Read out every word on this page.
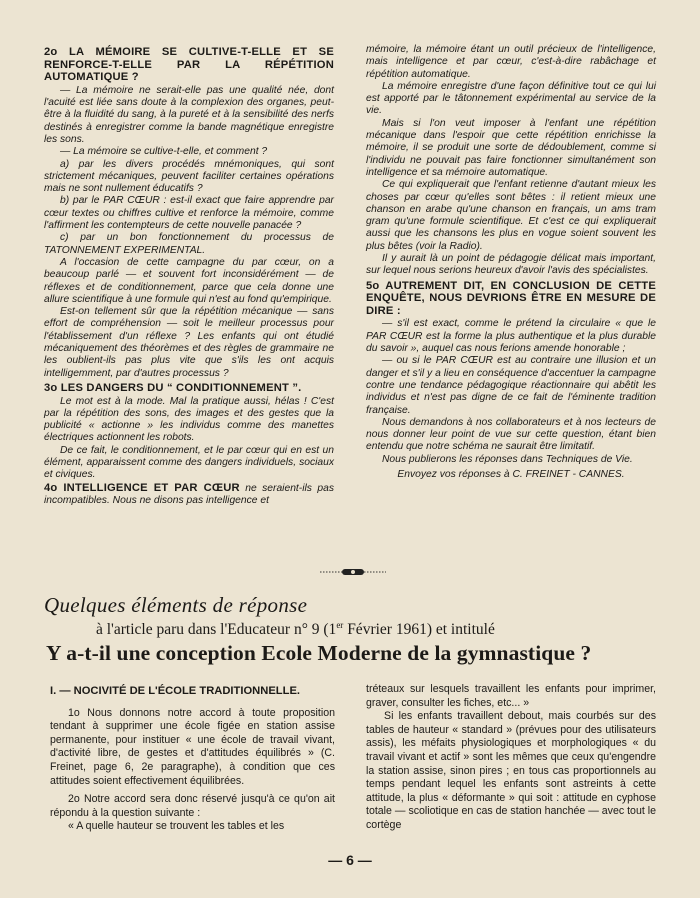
2o LA MÉMOIRE SE CULTIVE-T-ELLE ET SE RENFORCE-T-ELLE PAR LA RÉPÉTITION AUTOMATIQUE ?

— La mémoire ne serait-elle pas une qualité née, dont l'acuité est liée sans doute à la complexion des organes, peut-être à la fluidité du sang, à la pureté et à la sensibilité des nerfs destinés à enregistrer comme la bande magnétique enregistre les sons.

— La mémoire se cultive-t-elle, et comment ?

a) par les divers procédés mnémoniques, qui sont strictement mécaniques, peuvent faciliter certaines opérations mais ne sont nullement éducatifs ?

b) par le PAR CŒUR : est-il exact que faire apprendre par cœur textes ou chiffres cultive et renforce la mémoire, comme l'affirment les contempteurs de cette nouvelle panacée ?

c) par un bon fonctionnement du processus de TATONNEMENT EXPERIMENTAL.

A l'occasion de cette campagne du par cœur, on a beaucoup parlé — et souvent fort inconsidérément — de réflexes et de conditionnement, parce que cela donne une allure scientifique à une formule qui n'est au fond qu'empirique.

Est-on tellement sûr que la répétition mécanique — sans effort de compréhension — soit le meilleur processus pour l'établissement d'un réflexe ? Les enfants qui ont étudié mécaniquement des théorèmes et des règles de grammaire ne les oublient-ils pas plus vite que s'ils les ont acquis intelligemment, par d'autres processus ?

3o LES DANGERS DU “ CONDITIONNEMENT ”.

Le mot est à la mode. Mal la pratique aussi, hélas ! C'est par la répétition des sons, des images et des gestes que la publicité « actionne » les individus comme des manettes électriques actionnent les robots.

De ce fait, le conditionnement, et le par cœur qui en est un élément, apparaissent comme des dangers individuels, sociaux et civiques.

4o INTELLIGENCE ET PAR CŒUR ne seraient-ils pas incompatibles. Nous ne disons pas intelligence et

mémoire, la mémoire étant un outil précieux de l'intelligence, mais intelligence et par cœur, c'est-à-dire rabâchage et répétition automatique.

La mémoire enregistre d'une façon définitive tout ce qui lui est apporté par le tâtonnement expérimental au service de la vie.

Mais si l'on veut imposer à l'enfant une répétition mécanique dans l'espoir que cette répétition enrichisse la mémoire, il se produit une sorte de dédoublement, comme si l'individu ne pouvait pas faire fonctionner simultanément son intelligence et sa mémoire automatique.

Ce qui expliquerait que l'enfant retienne d'autant mieux les choses par cœur qu'elles sont bêtes : il retient mieux une chanson en arabe qu'une chanson en français, un ams tram gram qu'une formule scientifique. Et c'est ce qui expliquerait aussi que les chansons les plus en vogue soient souvent les plus bêtes (voir la Radio).

Il y aurait là un point de pédagogie délicat mais important, sur lequel nous serions heureux d'avoir l'avis des spécialistes.

5o AUTREMENT DIT, EN CONCLUSION DE CETTE ENQUÊTE, NOUS DEVRIONS ÊTRE EN MESURE DE DIRE :

— s'il est exact, comme le prétend la circulaire « que le PAR CŒUR est la forme la plus authentique et la plus durable du savoir », auquel cas nous ferions amende honorable ;

— ou si le PAR CŒUR est au contraire une illusion et un danger et s'il y a lieu en conséquence d'accentuer la campagne contre une tendance pédagogique réactionnaire qui abêtit les individus et n'est pas digne de ce fait de l'éminente tradition française.

Nous demandons à nos collaborateurs et à nos lecteurs de nous donner leur point de vue sur cette question, étant bien entendu que notre schéma ne saurait être limitatif.

Nous publierons les réponses dans Techniques de Vie.

Envoyez vos réponses à C. FREINET - CANNES.

Quelques éléments de réponse
à l'article paru dans l'Educateur n° 9 (1er Février 1961) et intitulé
Y a-t-il une conception Ecole Moderne de la gymnastique ?

I. — NOCIVITÉ DE L'ÉCOLE TRADITIONNELLE.

1o Nous donnons notre accord à toute proposition tendant à supprimer une école figée en station assise permanente, pour instituer « une école de travail vivant, d'activité libre, de gestes et d'attitudes équilibrés » (C. Freinet, page 6, 2e paragraphe), à condition que ces attitudes soient effectivement équilibrées.

2o Notre accord sera donc réservé jusqu'à ce qu'on ait répondu à la question suivante :

« A quelle hauteur se trouvent les tables et les

tréteaux sur lesquels travaillent les enfants pour imprimer, graver, consulter les fiches, etc... »

Si les enfants travaillent debout, mais courbés sur des tables de hauteur « standard » (prévues pour des utilisateurs assis), les méfaits physiologiques et morphologiques « du travail vivant et actif » sont les mêmes que ceux qu'engendre la station assise, sinon pires ; en tous cas proportionnels au temps pendant lequel les enfants sont astreints à cette attitude, la plus « déformante » qui soit : attitude en cyphose totale — scoliotique en cas de station hanchée — avec tout le cortège

— 6 —
